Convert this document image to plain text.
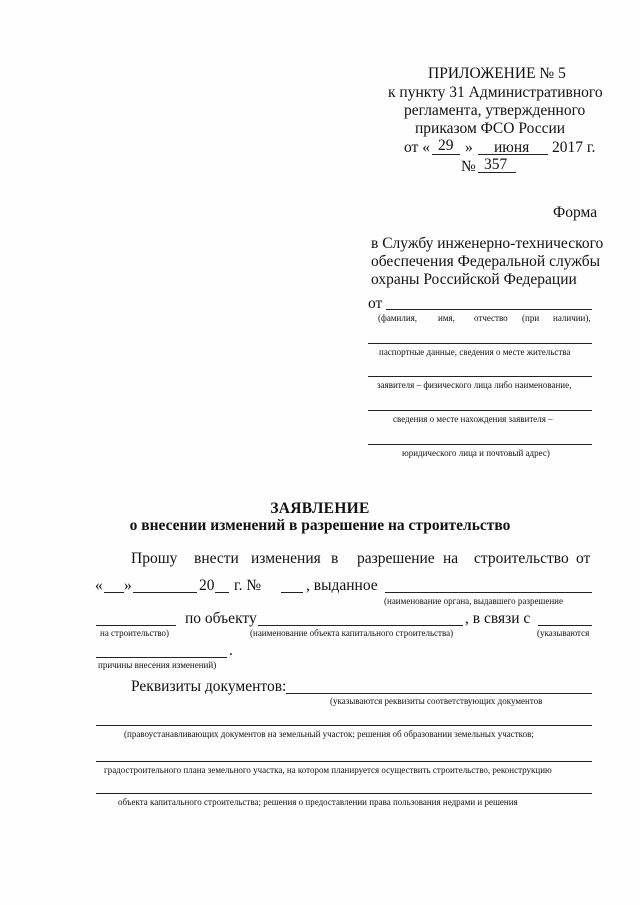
ПРИЛОЖЕНИЕ № 5
к пункту 31 Административного
регламента, утвержденного
приказом ФСО России
от « 29 » июня 2017 г.
№ 357
Форма
в Службу инженерно-технического
обеспечения Федеральной службы
охраны Российской Федерации
от
(фамилия, имя, отчество (при наличии),
паспортные данные, сведения о месте жительства
заявителя – физического лица либо наименование,
сведения о месте нахождения заявителя –
юридического лица и почтовый адрес)
ЗАЯВЛЕНИЕ
о внесении изменений в разрешение на строительство
Прошу внести изменения в разрешение на строительство от
« »	20 г. №	, выданное
(наименование органа, выдавшего разрешение
на строительство)
по объекту
(наименование объекта капитального строительства)
, в связи с
(указываются
.
причины внесения изменений)
Реквизиты документов:
(указываются реквизиты соответствующих документов
(правоустанавливающих документов на земельный участок; решения об образовании земельных участков;
градостроительного плана земельного участка, на котором планируется осуществить строительство, реконструкцию
объекта капитального строительства; решения о предоставлении права пользования недрами и решения
